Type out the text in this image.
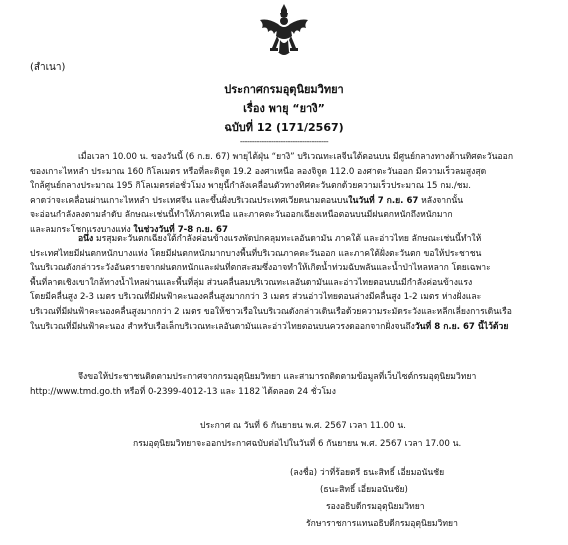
(สำเนา)
ประกาศกรมอุตุนิยมวิทยา
เรื่อง พายุ “ยางิ”
ฉบับที่ 12 (171/2567)
-------------------------------------
เมื่อเวลา 10.00 น. ของวันนี้ (6 ก.ย. 67) พายุไต้ฝุ่น “ยางิ” บริเวณทะเลจีนใต้ตอนบน มีศูนย์กลางทางด้านทิศตะวันออก
ของเกาะไหหลำ ประมาณ 160 กิโลเมตร หรือที่ละติจูด 19.2 องศาเหนือ ลองจิจูด 112.0 องศาตะวันออก มีความเร็วลมสูงสุด
ใกล้ศูนย์กลางประมาณ 195 กิโลเมตรต่อชั่วโมง พายุนี้กำลังเคลื่อนตัวทางทิศตะวันตกด้วยความเร็วประมาณ 15 กม./ชม.
คาดว่าจะเคลื่อนผ่านเกาะไหหลำ ประเทศจีน และขึ้นฝั่งบริเวณประเทศเวียดนามตอนบนในวันที่ 7 ก.ย. 67 หลังจากนั้น
จะอ่อนกำลังลงตามลำดับ ลักษณะเช่นนี้ทำให้ภาคเหนือ และภาคตะวันออกเฉียงเหนือตอนบนมีฝนตกหนักถึงหนักมาก
และลมกระโชกแรงบางแห่ง ในช่วงวันที่ 7-8 ก.ย. 67
อนึ่ง มรสุมตะวันตกเฉียงใต้กำลังค่อนข้างแรงพัดปกคลุมทะเลอันดามัน ภาคใต้ และอ่าวไทย ลักษณะเช่นนี้ทำให้
ประเทศไทยมีฝนตกหนักบางแห่ง โดยมีฝนตกหนักมากบางพื้นที่บริเวณภาคตะวันออก และภาคใต้ฝั่งตะวันตก ขอให้ประชาชน
ในบริเวณดังกล่าวระวังอันตรายจากฝนตกหนักและฝนที่ตกสะสมซึ่งอาจทำให้เกิดน้ำท่วมฉับพลันและน้ำป่าไหลหลาก โดยเฉพาะ
พื้นที่ลาดเชิงเขาใกล้ทางน้ำไหลผ่านและพื้นที่ลุ่ม ส่วนคลื่นลมบริเวณทะเลอันดามันและอ่าวไทยตอนบนมีกำลังค่อนข้างแรง
โดยมีคลื่นสูง 2-3 เมตร บริเวณที่มีฝนฟ้าคะนองคลื่นสูงมากกว่า 3 เมตร ส่วนอ่าวไทยตอนล่างมีคลื่นสูง 1-2 เมตร ห่างฝั่งและ
บริเวณที่มีฝนฟ้าคะนองคลื่นสูงมากกว่า 2 เมตร ขอให้ชาวเรือในบริเวณดังกล่าวเดินเรือด้วยความระมัดระวังและหลีกเลี่ยงการเดินเรือ
ในบริเวณที่มีฝนฟ้าคะนอง สำหรับเรือเล็กบริเวณทะเลอันดามันและอ่าวไทยตอนบนควรงดออกจากฝั่งจนถึงวันที่ 8 ก.ย. 67 นี้ไว้ด้วย
จึงขอให้ประชาชนติดตามประกาศจากกรมอุตุนิยมวิทยา และสามารถติดตามข้อมูลที่เว็บไซต์กรมอุตุนิยมวิทยา
http://www.tmd.go.th หรือที่ 0-2399-4012-13 และ 1182 ได้ตลอด 24 ชั่วโมง
ประกาศ ณ วันที่ 6 กันยายน พ.ศ. 2567 เวลา 11.00 น.
กรมอุตุนิยมวิทยาจะออกประกาศฉบับต่อไปในวันที่ 6 กันยายน พ.ศ. 2567 เวลา 17.00 น.
(ลงชื่อ) ว่าที่ร้อยตรี ธนะสิทธิ์ เอี่ยมอนันชัย
(ธนะสิทธิ์ เอี่ยมอนันชัย)
รองอธิบดีกรมอุตุนิยมวิทยา
รักษาราชการแทนอธิบดีกรมอุตุนิยมวิทยา
